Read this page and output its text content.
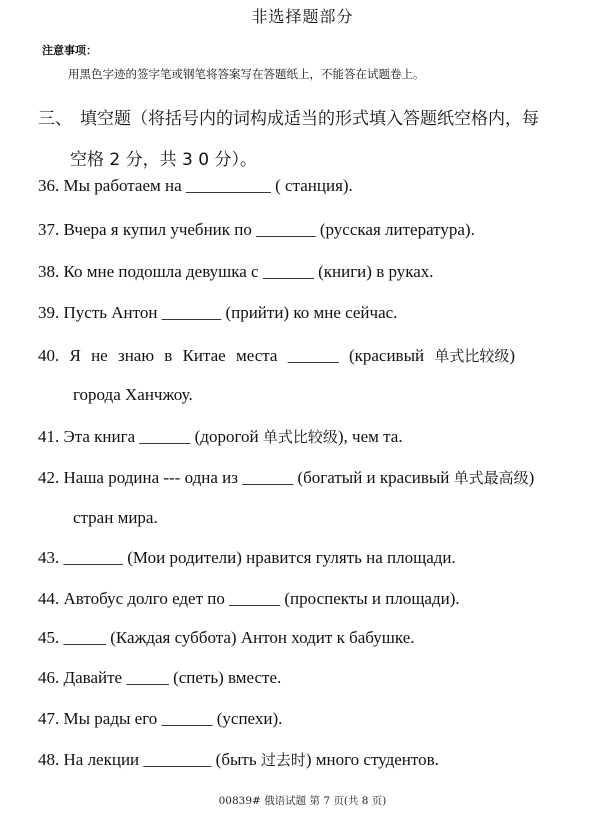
非选择题部分
注意事项：
用黑色字迹的签字笔或钢笔将答案写在答题纸上，不能答在试题卷上。
三、 填空题（将括号内的词构成适当的形式填入答题纸空格内，每
空格 2 分，共 3 0 分）。
36. Мы работаем на __________ ( станция).
37. Вчера я купил учебник по _______ (русская литература).
38. Ко мне подошла девушка с ______ (книги) в руках.
39. Пусть Антон _______ (прийти) ко мне сейчас.
40. Я не знаю в Китае места ______ (красивый 单式比较级)
города Ханчжоу.
41. Эта книга ______ (дорогой 单式比较级), чем та.
42. Наша родина --- одна из ______ (богатый и красивый 单式最高级)
стран мира.
43. _______ (Мои родители) нравится гулять на площади.
44. Автобус долго едет по ______ (проспекты и площади).
45. _____ (Каждая суббота) Антон ходит к бабушке.
46. Давайте _____ (спеть) вместе.
47. Мы рады его ______ (успехи).
48. На лекции ________ (быть 过去时) много студентов.
00839# 俄语试题 第 7 页(共 8 页)
